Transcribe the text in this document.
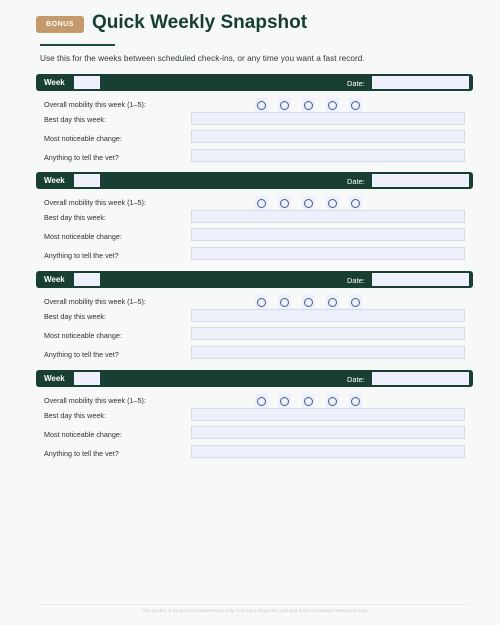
BONUS Quick Weekly Snapshot
Use this for the weeks between scheduled check-ins, or any time you want a fast record.
Week	Date:
Overall mobility this week (1–5):
Best day this week:
Most noticeable change:
Anything to tell the vet?
Week	Date:
Overall mobility this week (1–5):
Best day this week:
Most noticeable change:
Anything to tell the vet?
Week	Date:
Overall mobility this week (1–5):
Best day this week:
Most noticeable change:
Anything to tell the vet?
Week	Date:
Overall mobility this week (1–5):
Best day this week:
Most noticeable change:
Anything to tell the vet?
This tracker is for personal observation only. It is not a diagnostic tool and does not replace veterinary care.
